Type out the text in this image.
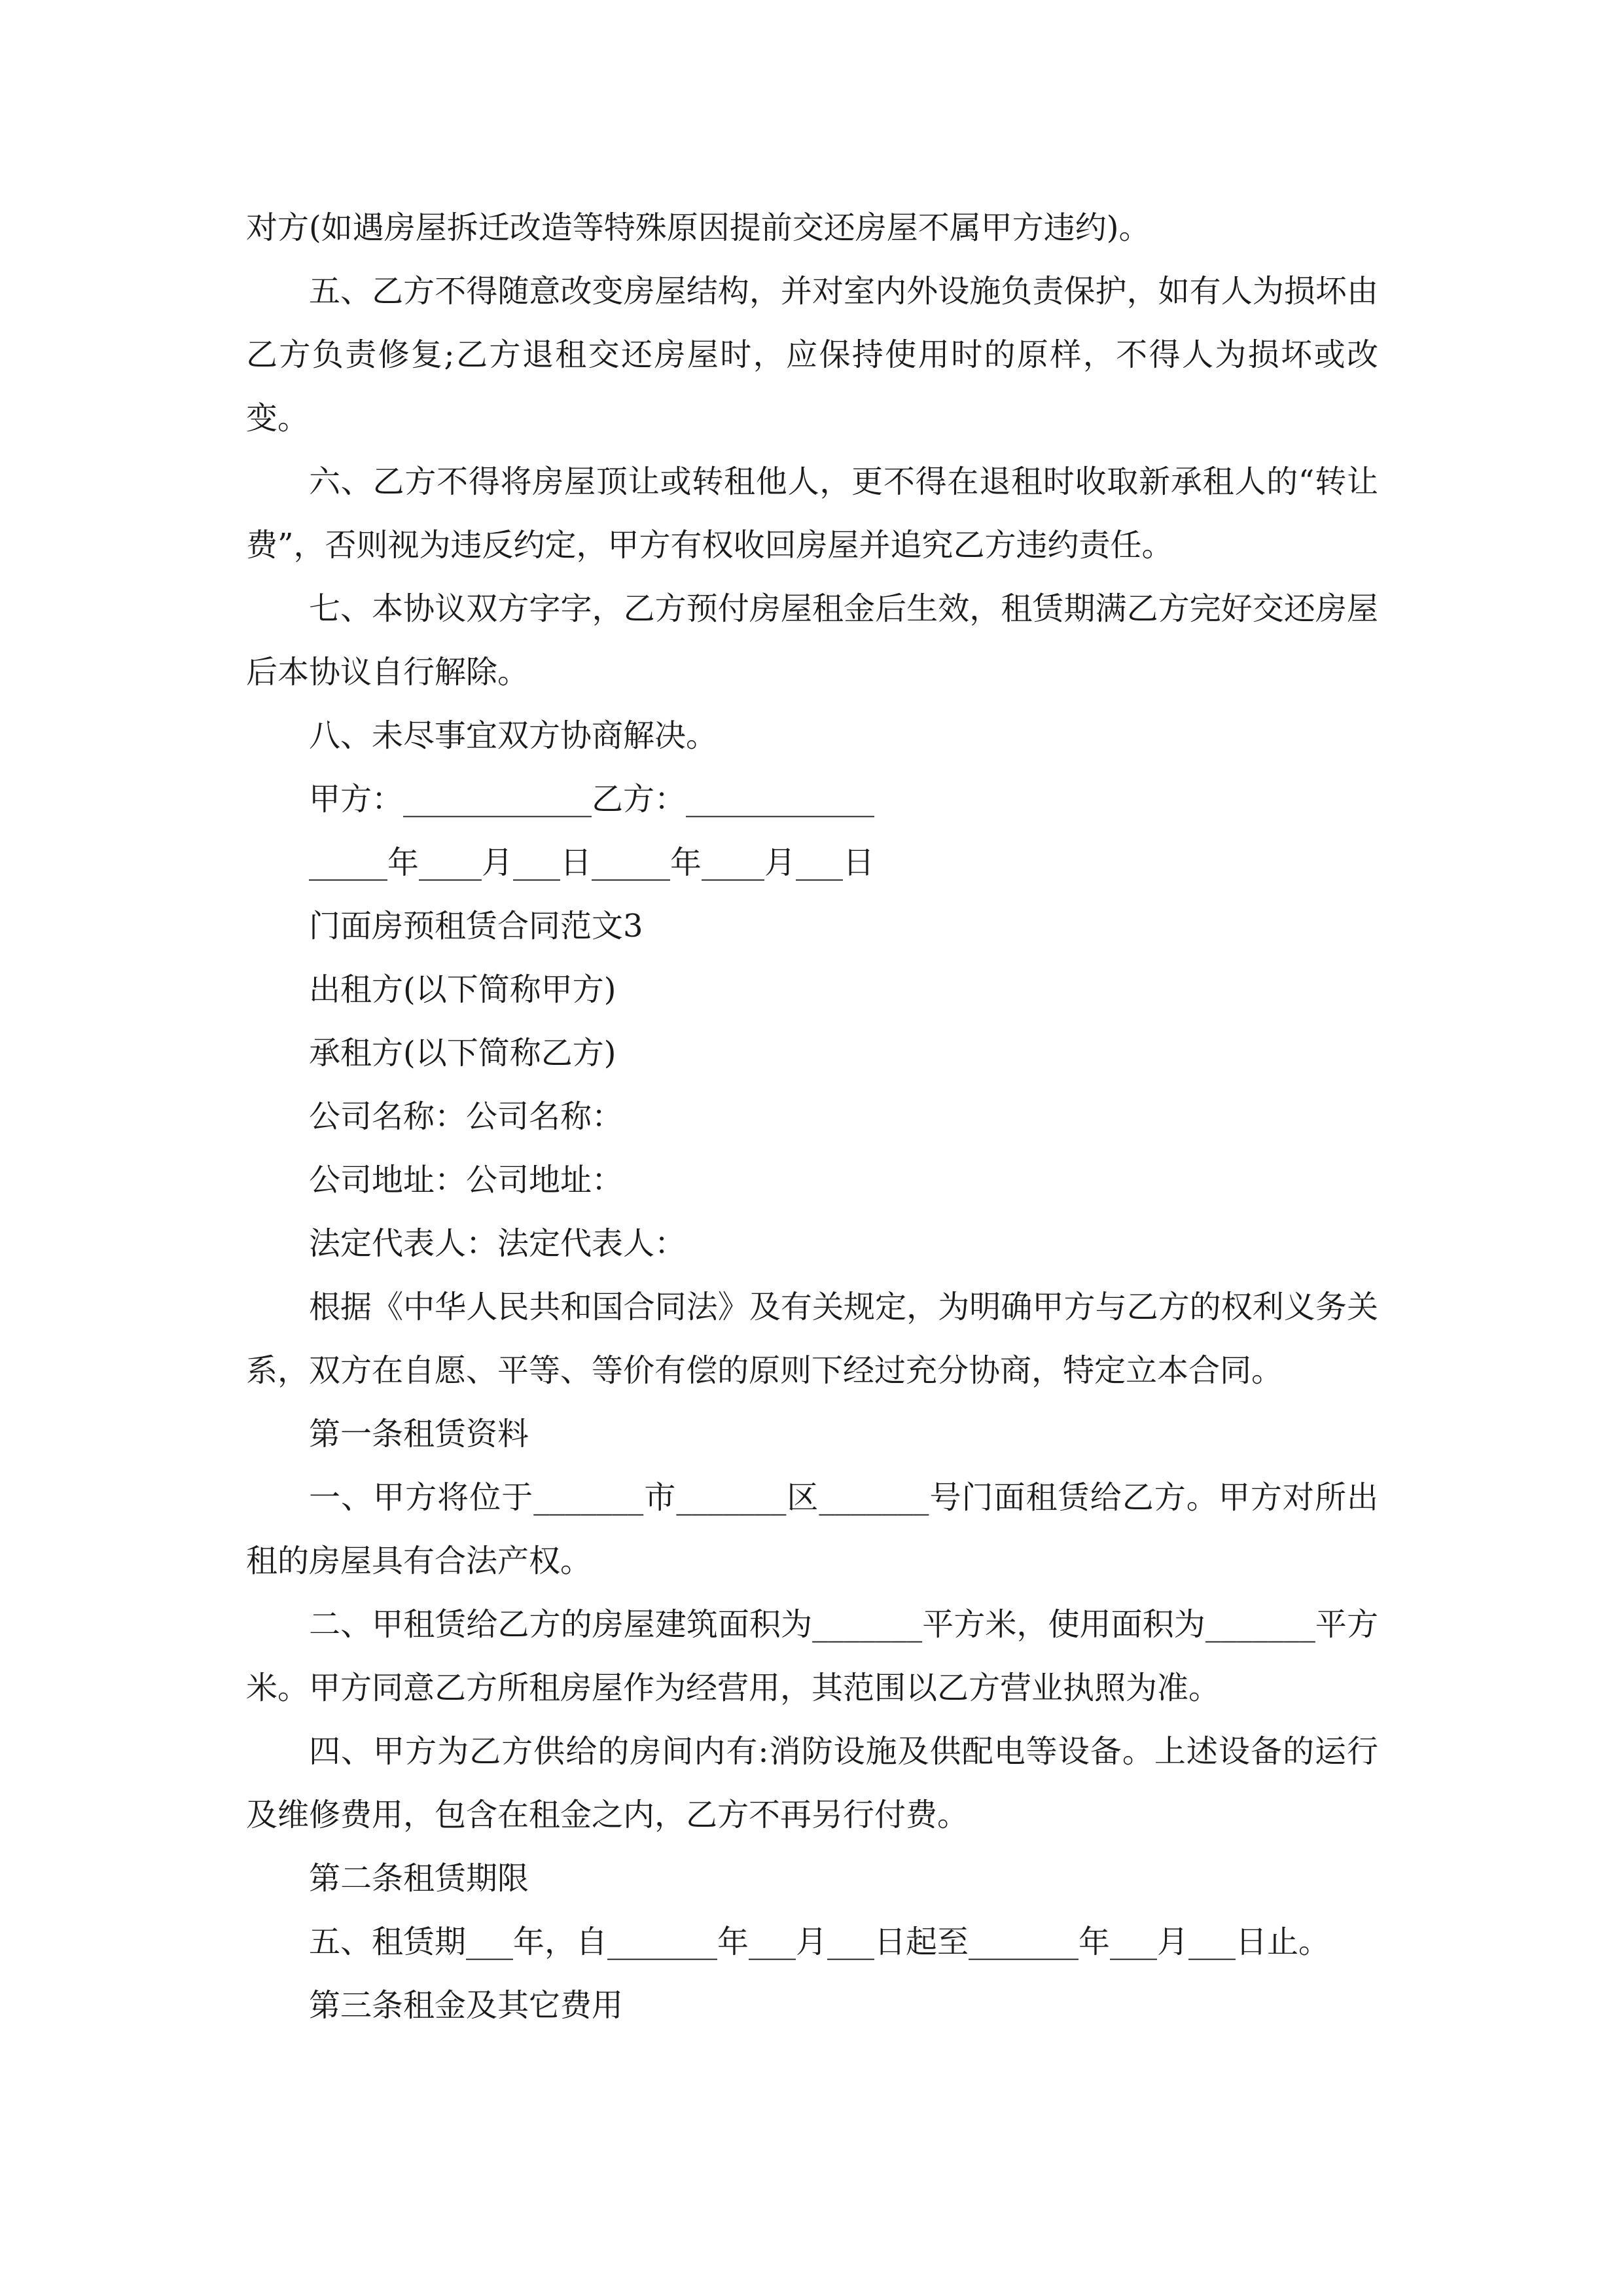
对方(如遇房屋拆迁改造等特殊原因提前交还房屋不属甲方违约)。

五、乙方不得随意改变房屋结构，并对室内外设施负责保护，如有人为损坏由乙方负责修复;乙方退租交还房屋时，应保持使用时的原样，不得人为损坏或改变。

六、乙方不得将房屋顶让或转租他人，更不得在退租时收取新承租人的“转让费”，否则视为违反约定，甲方有权收回房屋并追究乙方违约责任。

七、本协议双方字字，乙方预付房屋租金后生效，租赁期满乙方完好交还房屋后本协议自行解除。

八、未尽事宜双方协商解决。

甲方：____________乙方：____________

_____年____月___日_____年____月___日

门面房预租赁合同范文3

出租方(以下简称甲方)

承租方(以下简称乙方)

公司名称：公司名称：

公司地址：公司地址：

法定代表人：法定代表人：

根据《中华人民共和国合同法》及有关规定，为明确甲方与乙方的权利义务关系，双方在自愿、平等、等价有偿的原则下经过充分协商，特定立本合同。

第一条租赁资料

一、甲方将位于_______市_______区_______号门面租赁给乙方。甲方对所出租的房屋具有合法产权。

二、甲租赁给乙方的房屋建筑面积为_______平方米，使用面积为_______平方米。甲方同意乙方所租房屋作为经营用，其范围以乙方营业执照为准。

四、甲方为乙方供给的房间内有:消防设施及供配电等设备。上述设备的运行及维修费用，包含在租金之内，乙方不再另行付费。

第二条租赁期限

五、租赁期___年，自_______年___月___日起至_______年___月___日止。

第三条租金及其它费用
